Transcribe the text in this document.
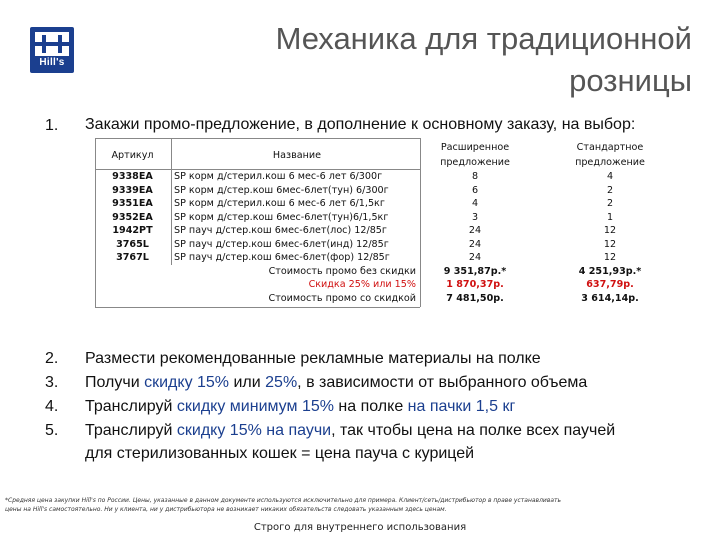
Hill's
Механика для традиционной
розницы
1. Закажи промо-предложение, в дополнение к основному заказу, на выбор:
Артикул	Название
Расширенное	Стандартное
предложение	предложение
9338EA	SP корм д/стерил.кош 6 мес-6 лет 6/300г	8	4
9339EA	SP корм д/стер.кош 6мес-6лет(тун) 6/300г	6	2
9351EA	SP корм д/стерил.кош 6 мес-6 лет 6/1,5кг	4	2
9352EA	SP корм д/стер.кош 6мес-6лет(тун)6/1,5кг	3	1
1942PT	SP пауч д/стер.кош 6мес-6лет(лос) 12/85г	24	12
3765L	SP пауч д/стер.кош 6мес-6лет(инд) 12/85г	24	12
3767L	SP пауч д/стер.кош 6мес-6лет(фор) 12/85г	24	12
Стоимость промо без скидки	9 351,87р.*	4 251,93р.*
Скидка 25% или 15%	1 870,37р.	637,79р.
Стоимость промо со скидкой	7 481,50р.	3 614,14р.
2. Размести рекомендованные рекламные материалы на полке
3. Получи скидку 15% или 25%, в зависимости от выбранного объема
4. Транслируй скидку минимум 15% на полке на пачки 1,5 кг
5. Транслируй скидку 15% на паучи, так чтобы цена на полке всех паучей
для стерилизованных кошек = цена пауча с курицей
*Средняя цена закупки Hill's по России. Цены, указанные в данном документе используются исключительно для примера. Клиент/сеть/дистрибьютор в праве устанавливать
цены на Hill's самостоятельно. Ни у клиента, ни у дистрибьютора не возникает никаких обязательств следовать указанным здесь ценам.
Строго для внутреннего использования
